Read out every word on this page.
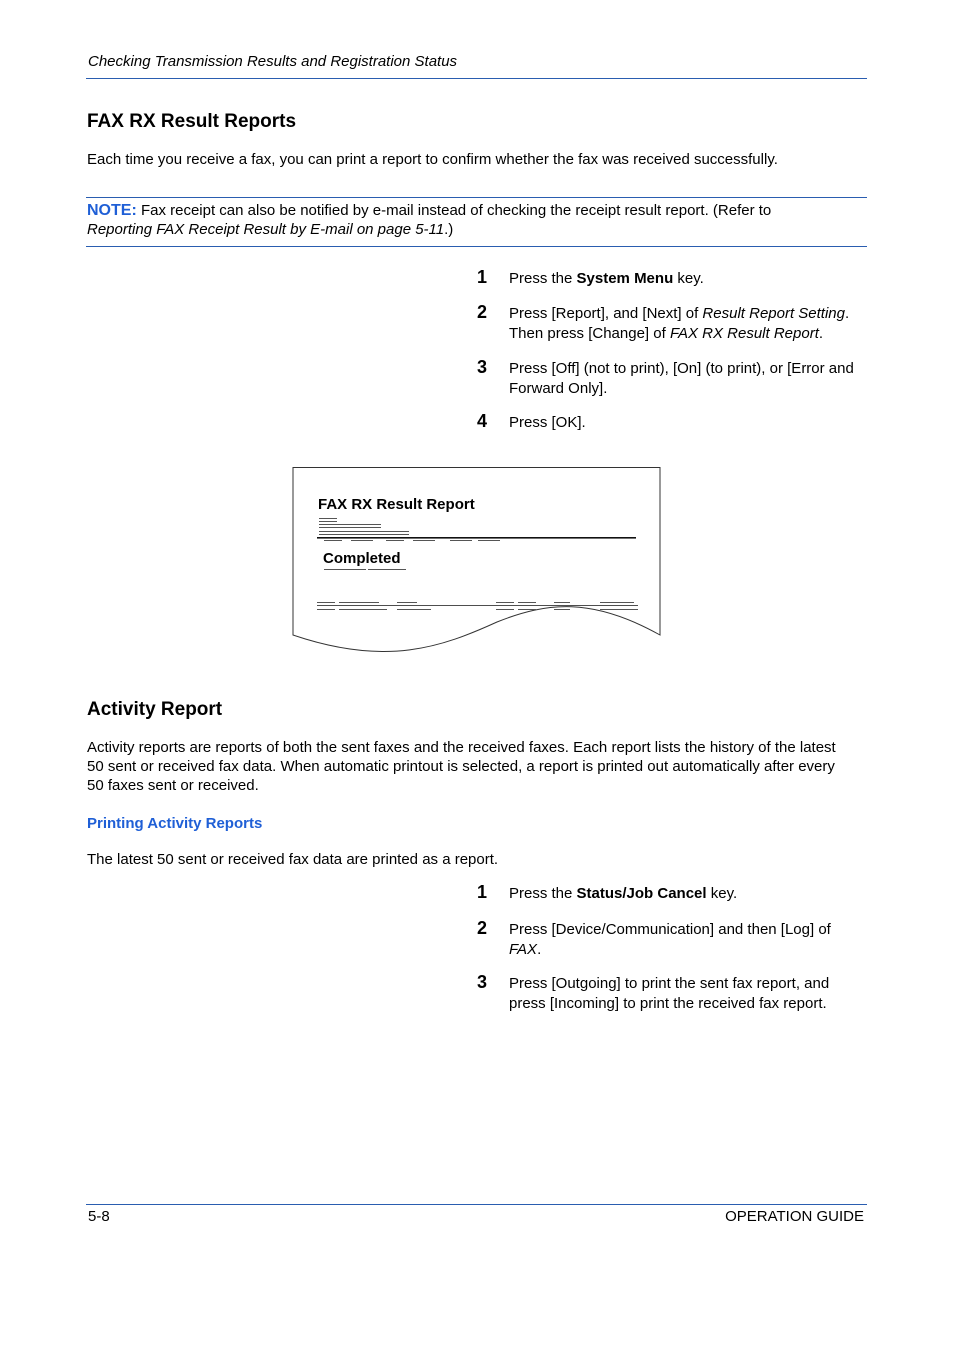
Checking Transmission Results and Registration Status
FAX RX Result Reports

Each time you receive a fax, you can print a report to confirm whether the fax was received successfully.

NOTE: Fax receipt can also be notified by e-mail instead of checking the receipt result report. (Refer to
Reporting FAX Receipt Result by E-mail on page 5-11.)

1 Press the System Menu key.
2 Press [Report], and [Next] of Result Report Setting.
Then press [Change] of FAX RX Result Report.
3 Press [Off] (not to print), [On] (to print), or [Error and
Forward Only].
4 Press [OK].
FAX RX Result Report
Completed
Activity Report

Activity reports are reports of both the sent faxes and the received faxes. Each report lists the history of the latest
50 sent or received fax data. When automatic printout is selected, a report is printed out automatically after every
50 faxes sent or received.

Printing Activity Reports

The latest 50 sent or received fax data are printed as a report.

1 Press the Status/Job Cancel key.
2 Press [Device/Communication] and then [Log] of
FAX.
3 Press [Outgoing] to print the sent fax report, and
press [Incoming] to print the received fax report.
5-8	OPERATION GUIDE
